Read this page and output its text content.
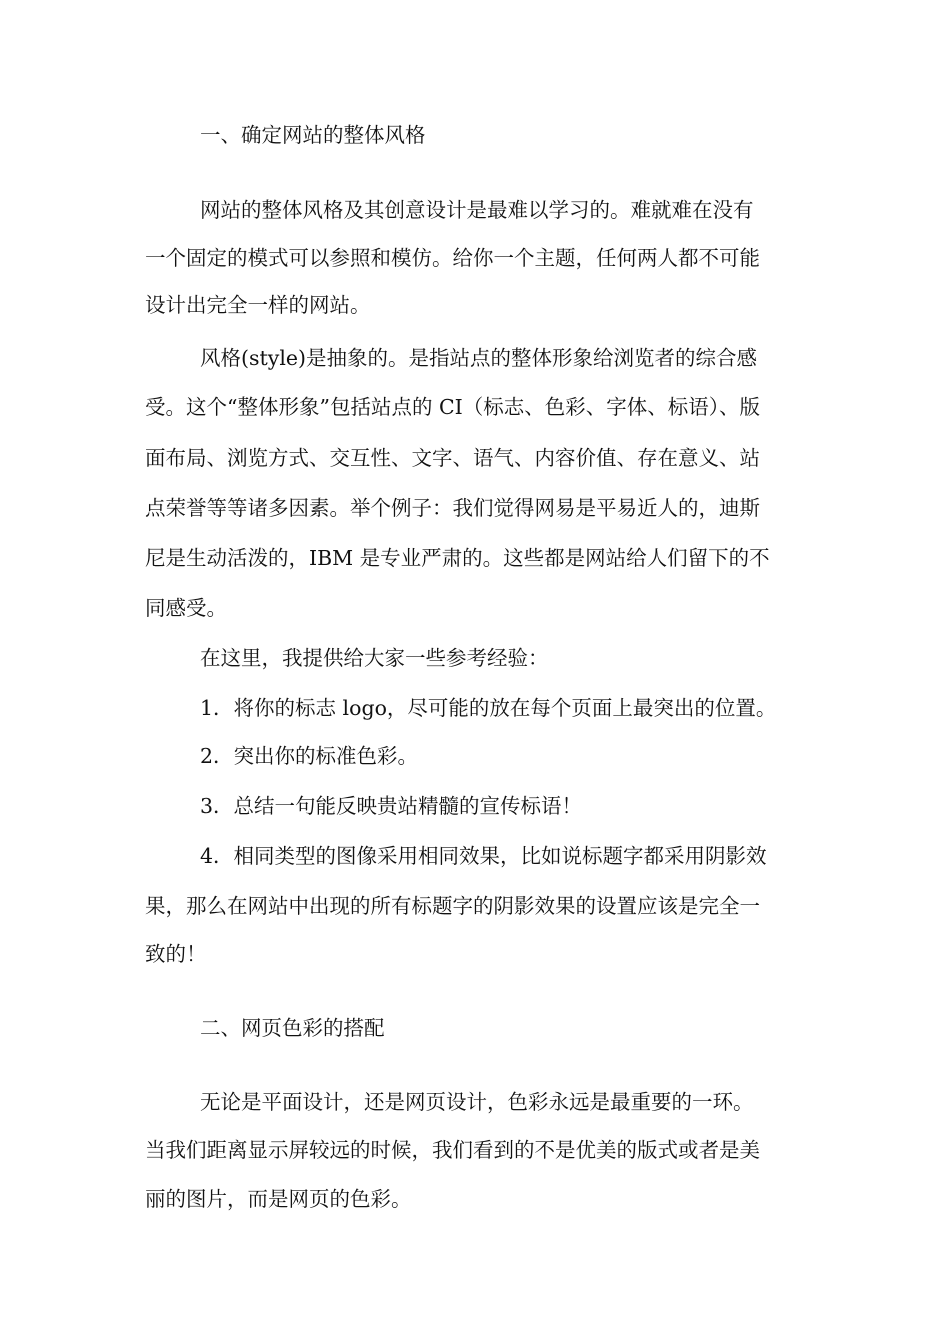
一、确定网站的整体风格
网站的整体风格及其创意设计是最难以学习的。难就难在没有
一个固定的模式可以参照和模仿。给你一个主题，任何两人都不可能
设计出完全一样的网站。
风格(style)是抽象的。是指站点的整体形象给浏览者的综合感
受。这个“整体形象”包括站点的 CI（标志、色彩、字体、标语）、版
面布局、浏览方式、交互性、文字、语气、内容价值、存在意义、站
点荣誉等等诸多因素。举个例子：我们觉得网易是平易近人的，迪斯
尼是生动活泼的，IBM 是专业严肃的。这些都是网站给人们留下的不
同感受。
在这里，我提供给大家一些参考经验：
1．将你的标志 logo，尽可能的放在每个页面上最突出的位置。
2．突出你的标准色彩。
3．总结一句能反映贵站精髓的宣传标语！
4．相同类型的图像采用相同效果，比如说标题字都采用阴影效
果，那么在网站中出现的所有标题字的阴影效果的设置应该是完全一
致的！
二、网页色彩的搭配
无论是平面设计，还是网页设计，色彩永远是最重要的一环。
当我们距离显示屏较远的时候，我们看到的不是优美的版式或者是美
丽的图片，而是网页的色彩。
